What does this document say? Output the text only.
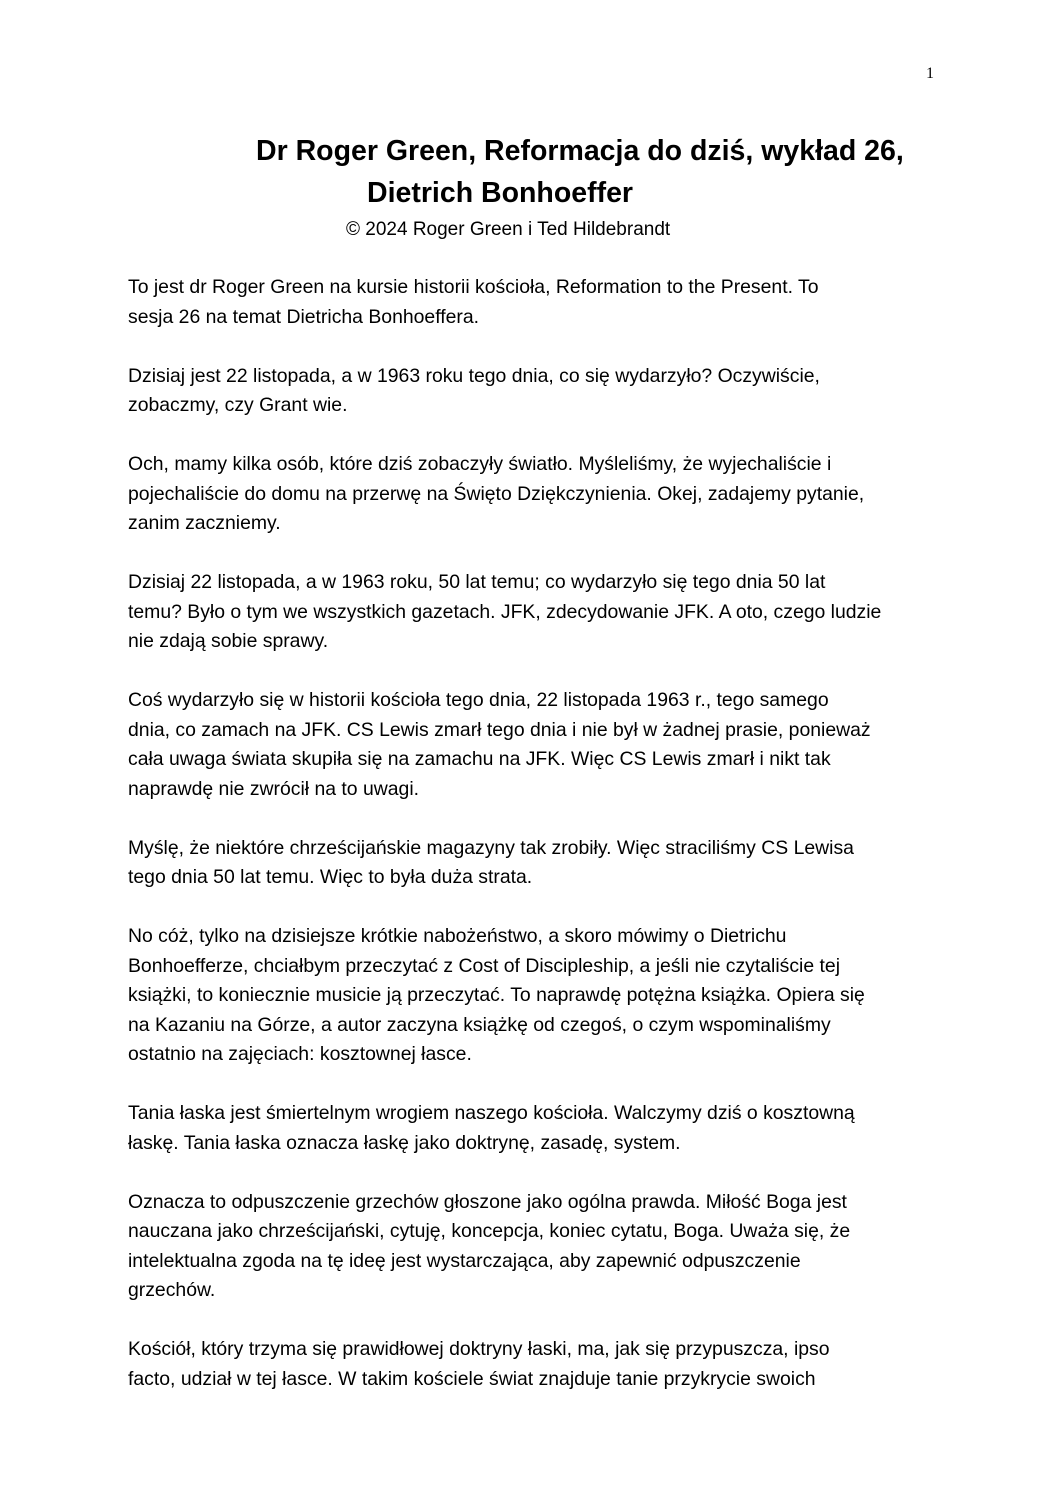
1
Dr Roger Green, Reformacja do dziś, wykład 26,
Dietrich Bonhoeffer

© 2024 Roger Green i Ted Hildebrandt

To jest dr Roger Green na kursie historii kościoła, Reformation to the Present. To
sesja 26 na temat Dietricha Bonhoeffera.

Dzisiaj jest 22 listopada, a w 1963 roku tego dnia, co się wydarzyło? Oczywiście,
zobaczmy, czy Grant wie.

Och, mamy kilka osób, które dziś zobaczyły światło. Myśleliśmy, że wyjechaliście i
pojechaliście do domu na przerwę na Święto Dziękczynienia. Okej, zadajemy pytanie,
zanim zaczniemy.

Dzisiaj 22 listopada, a w 1963 roku, 50 lat temu; co wydarzyło się tego dnia 50 lat
temu? Było o tym we wszystkich gazetach. JFK, zdecydowanie JFK. A oto, czego ludzie
nie zdają sobie sprawy.

Coś wydarzyło się w historii kościoła tego dnia, 22 listopada 1963 r., tego samego
dnia, co zamach na JFK. CS Lewis zmarł tego dnia i nie był w żadnej prasie, ponieważ
cała uwaga świata skupiła się na zamachu na JFK. Więc CS Lewis zmarł i nikt tak
naprawdę nie zwrócił na to uwagi.

Myślę, że niektóre chrześcijańskie magazyny tak zrobiły. Więc straciliśmy CS Lewisa
tego dnia 50 lat temu. Więc to była duża strata.

No cóż, tylko na dzisiejsze krótkie nabożeństwo, a skoro mówimy o Dietrichu
Bonhoefferze, chciałbym przeczytać z Cost of Discipleship, a jeśli nie czytaliście tej
książki, to koniecznie musicie ją przeczytać. To naprawdę potężna książka. Opiera się
na Kazaniu na Górze, a autor zaczyna książkę od czegoś, o czym wspominaliśmy
ostatnio na zajęciach: kosztownej łasce.

Tania łaska jest śmiertelnym wrogiem naszego kościoła. Walczymy dziś o kosztowną
łaskę. Tania łaska oznacza łaskę jako doktrynę, zasadę, system.

Oznacza to odpuszczenie grzechów głoszone jako ogólna prawda. Miłość Boga jest
nauczana jako chrześcijański, cytuję, koncepcja, koniec cytatu, Boga. Uważa się, że
intelektualna zgoda na tę ideę jest wystarczająca, aby zapewnić odpuszczenie
grzechów.

Kościół, który trzyma się prawidłowej doktryny łaski, ma, jak się przypuszcza, ipso
facto, udział w tej łasce. W takim kościele świat znajduje tanie przykrycie swoich
